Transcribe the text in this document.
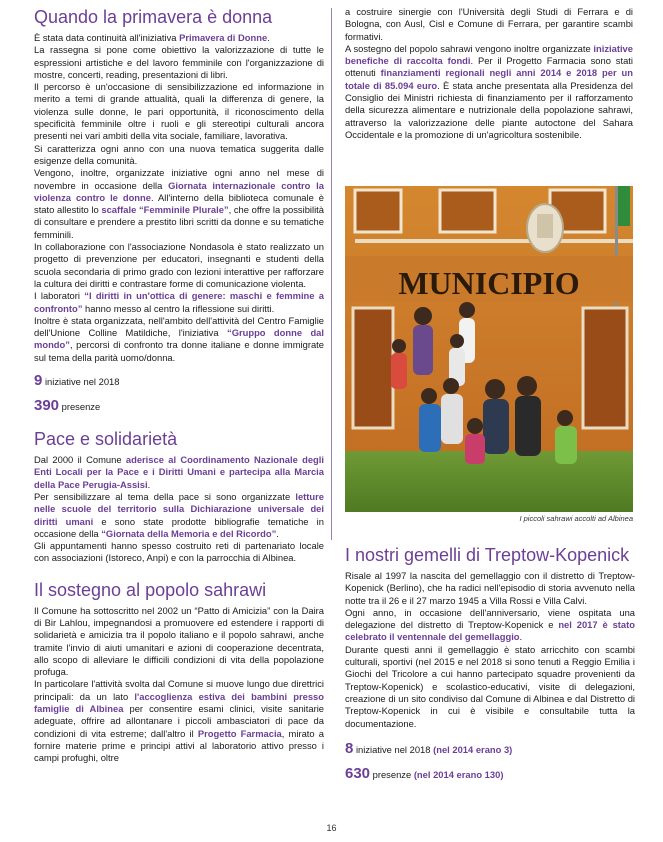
Quando la primavera è donna

È stata data continuità all'iniziativa Primavera di Donne.

La rassegna si pone come obiettivo la valorizzazione di tutte le espressioni artistiche e del lavoro femminile con l'organizzazione di mostre, concerti, reading, presentazioni di libri.

Il percorso è un'occasione di sensibilizzazione ed informazione in merito a temi di grande attualità, quali la differenza di genere, la violenza sulle donne, le pari opportunità, il riconoscimento della specificità femminile oltre i ruoli e gli stereotipi culturali ancora presenti nei vari ambiti della vita sociale, familiare, lavorativa.

Si caratterizza ogni anno con una nuova tematica suggerita dalle esigenze della comunità.

Vengono, inoltre, organizzate iniziative ogni anno nel mese di novembre in occasione della Giornata internazionale contro la violenza contro le donne. All'interno della biblioteca comunale è stato allestito lo scaffale “Femminile Plurale”, che offre la possibilità di consultare e prendere a prestito libri scritti da donne e su tematiche femminili.

In collaborazione con l'associazione Nondasola è stato realizzato un progetto di prevenzione per educatori, insegnanti e studenti della scuola secondaria di primo grado con lezioni interattive per rafforzare la cultura dei diritti e contrastare forme di comunicazione violenta.

I laboratori “I diritti in un'ottica di genere: maschi e femmine a confronto” hanno messo al centro la riflessione sui diritti.

Inoltre è stata organizzata, nell'ambito dell'attività del Centro Famiglie dell'Unione Colline Matildiche, l'iniziativa “Gruppo donne dal mondo”, percorsi di confronto tra donne italiane e donne immigrate sul tema della parità uomo/donna.

9 iniziative nel 2018
390 presenze
Pace e solidarietà

Dal 2000 il Comune aderisce al Coordinamento Nazionale degli Enti Locali per la Pace e i Diritti Umani e partecipa alla Marcia della Pace Perugia-Assisi.

Per sensibilizzare al tema della pace si sono organizzate letture nelle scuole del territorio sulla Dichiarazione universale dei diritti umani e sono state prodotte bibliografie tematiche in occasione della “Giornata della Memoria e del Ricordo”.

Gli appuntamenti hanno spesso costruito reti di partenariato locale con associazioni (Istoreco, Anpi) e con la parrocchia di Albinea.

Il sostegno al popolo sahrawi

Il Comune ha sottoscritto nel 2002 un “Patto di Amicizia” con la Daira di Bir Lahlou, impegnandosi a promuovere ed estendere i rapporti di solidarietà e amicizia tra il popolo italiano e il popolo sahrawi, anche tramite l'invio di aiuti umanitari e azioni di cooperazione decentrata, allo scopo di alleviare le difficili condizioni di vita della popolazione profuga.

In particolare l'attività svolta dal Comune si muove lungo due direttrici principali: da un lato l'accoglienza estiva dei bambini presso famiglie di Albinea per consentire esami clinici, visite sanitarie adeguate, offrire ad allontanare i piccoli ambasciatori di pace da condizioni di vita estreme; dall'altro il Progetto Farmacia, mirato a fornire materie prime e principi attivi al laboratorio attivo presso i campi profughi, oltre

a costruire sinergie con l'Università degli Studi di Ferrara e di Bologna, con Ausl, Cisl e Comune di Ferrara, per garantire scambi formativi.

A sostegno del popolo sahrawi vengono inoltre organizzate iniziative benefiche di raccolta fondi. Per il Progetto Farmacia sono stati ottenuti finanziamenti regionali negli anni 2014 e 2018 per un totale di 85.094 euro. È stata anche presentata alla Presidenza del Consiglio dei Ministri richiesta di finanziamento per il rafforzamento della sicurezza alimentare e nutrizionale della popolazione sahrawi, attraverso la valorizzazione delle piante autoctone del Sahara Occidentale e la promozione di un'agricoltura sostenibile.

MUNICIPIO
I piccoli sahrawi accolti ad Albinea
I nostri gemelli di Treptow-Kopenick

Risale al 1997 la nascita del gemellaggio con il distretto di Treptow-Kopenick (Berlino), che ha radici nell'episodio di storia avvenuto nella notte tra il 26 e il 27 marzo 1945 a Villa Rossi e Villa Calvi.

Ogni anno, in occasione dell'anniversario, viene ospitata una delegazione del distretto di Treptow-Kopenick e nel 2017 è stato celebrato il ventennale del gemellaggio.

Durante questi anni il gemellaggio è stato arricchito con scambi culturali, sportivi (nel 2015 e nel 2018 si sono tenuti a Reggio Emilia i Giochi del Tricolore a cui hanno partecipato squadre provenienti da Treptow-Kopenick) e scolastico-educativi, visite di delegazioni, creazione di un sito condiviso dal Comune di Albinea e dal Distretto di Treptow-Kopenick in cui è visibile e consultabile tutta la documentazione.

8 iniziative nel 2018 (nel 2014 erano 3)
630 presenze (nel 2014 erano 130)
16
